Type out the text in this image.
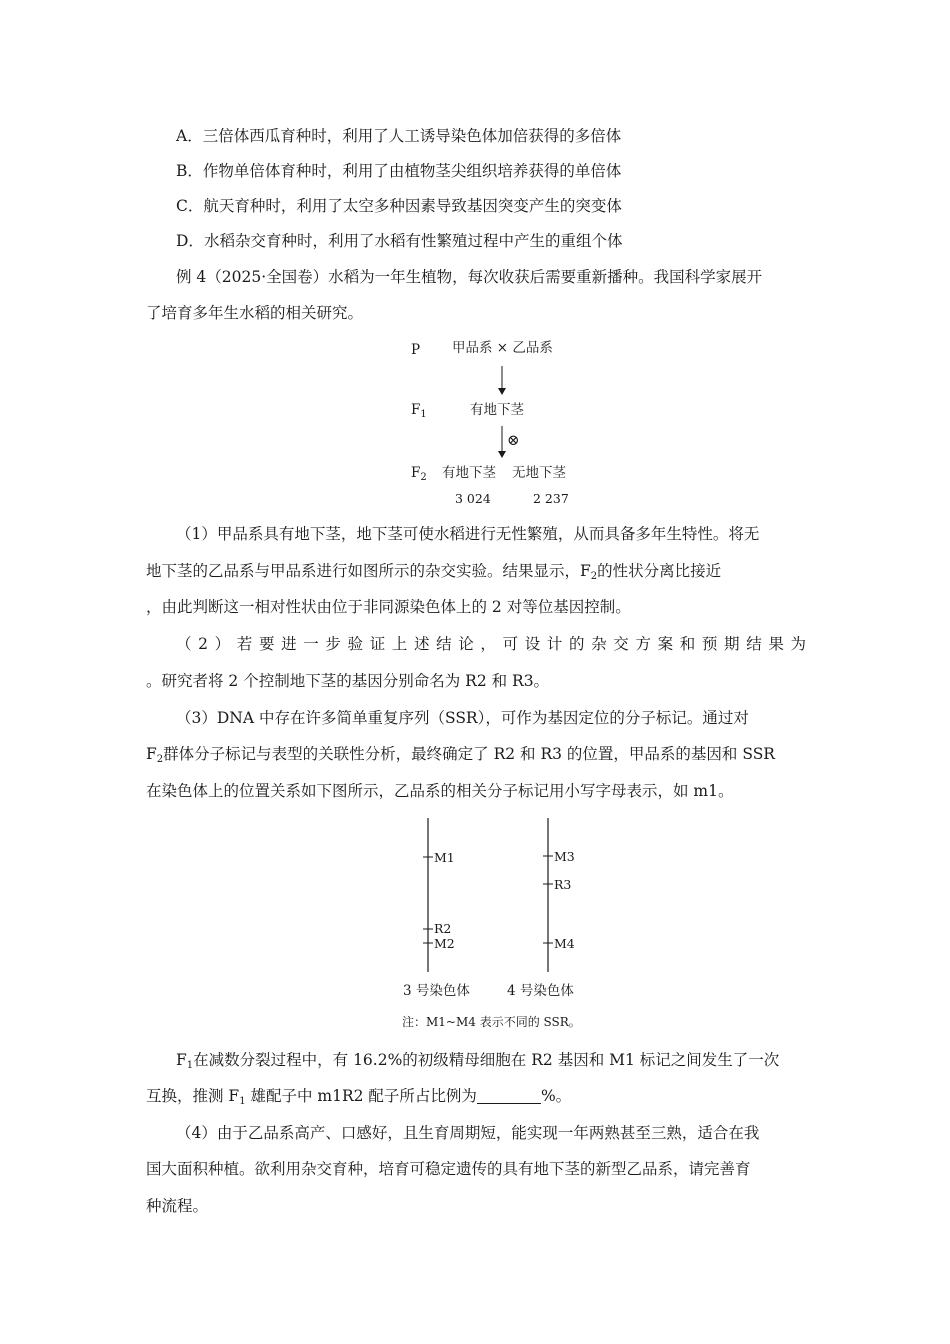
A．三倍体西瓜育种时，利用了人工诱导染色体加倍获得的多倍体
B．作物单倍体育种时，利用了由植物茎尖组织培养获得的单倍体
C．航天育种时，利用了太空多种因素导致基因突变产生的突变体
D．水稻杂交育种时，利用了水稻有性繁殖过程中产生的重组个体
例 4（2025·全国卷）水稻为一年生植物，每次收获后需要重新播种。我国科学家展开
了培育多年生水稻的相关研究。
P 甲品系 × 乙品系
$F_1$	有地下茎
⊗
$F_2$ 有地下茎 无地下茎
3 024	2 237
（1）甲品系具有地下茎，地下茎可使水稻进行无性繁殖，从而具备多年生特性。将无
地下茎的乙品系与甲品系进行如图所示的杂交实验。结果显示，$F_2$的性状分离比接近
，由此判断这一相对性状由位于非同源染色体上的 2 对等位基因控制。
（2）若要进一步验证上述结论，可设计的杂交方案和预期结果为
。研究者将 2 个控制地下茎的基因分别命名为 R2 和 R3。
（3）DNA 中存在许多简单重复序列（SSR），可作为基因定位的分子标记。通过对
$F_2$群体分子标记与表型的关联性分析，最终确定了 R2 和 R3 的位置，甲品系的基因和 SSR
在染色体上的位置关系如下图所示，乙品系的相关分子标记用小写字母表示，如 m1。
M1
R2
M2
M3
R3
M4
3 号染色体	4 号染色体
注：M1~M4 表示不同的 SSR。
$F_1$在减数分裂过程中，有 16.2%的初级精母细胞在 R2 基因和 M1 标记之间发生了一次
互换，推测 $F_1$ 雄配子中 m1R2 配子所占比例为	%。
（4）由于乙品系高产、口感好，且生育周期短，能实现一年两熟甚至三熟，适合在我
国大面积种植。欲利用杂交育种，培育可稳定遗传的具有地下茎的新型乙品系，请完善育
种流程。
